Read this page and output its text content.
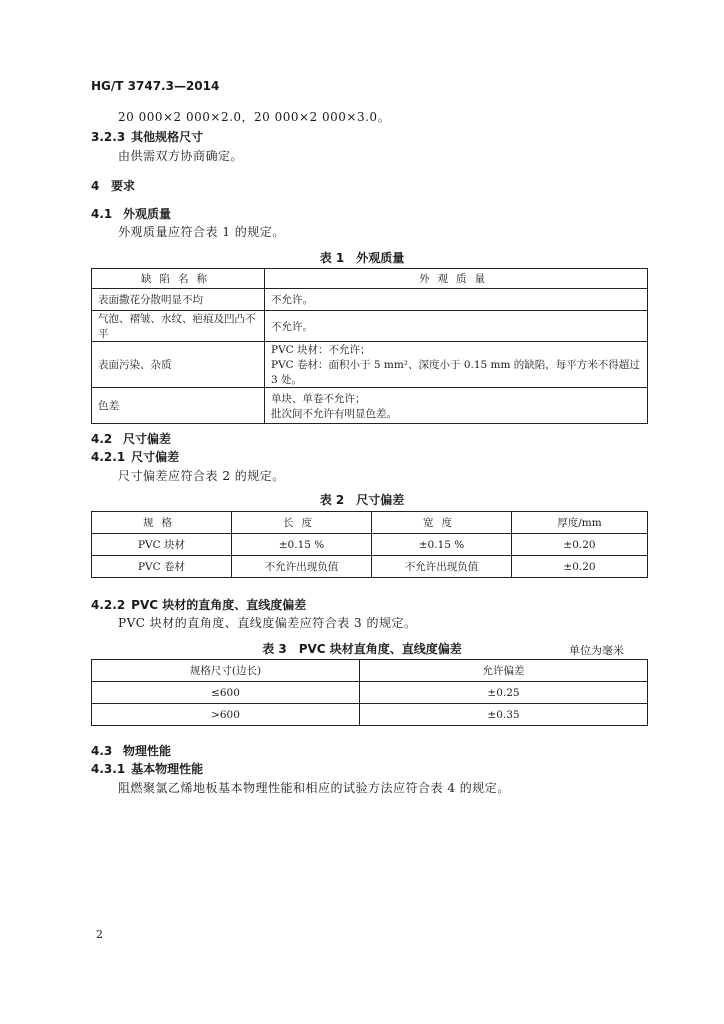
HG/T 3747.3—2014
20 000×2 000×2.0，20 000×2 000×3.0。
3.2.3 其他规格尺寸
由供需双方协商确定。
4 要求
4.1 外观质量
外观质量应符合表 1 的规定。
表 1　外观质量
缺陷名称	外观质量
表面撒花分散明显不均	不允许。
气泡、褶皱、水纹、疤痕及凹凸不平	不允许。
表面污染、杂质	PVC 块材：不允许；
PVC 卷材：面积小于 5 mm²、深度小于 0.15 mm 的缺陷，每平方米不得超过 3 处。

色差	单块、单卷不允许；
批次间不允许有明显色差。
4.2 尺寸偏差
4.2.1 尺寸偏差
尺寸偏差应符合表 2 的规定。
表 2　尺寸偏差
规格	长度	宽度	厚度/mm
PVC 块材	±0.15 %	±0.15 %	±0.20
PVC 卷材	不允许出现负值	不允许出现负值	±0.20
4.2.2 PVC 块材的直角度、直线度偏差
PVC 块材的直角度、直线度偏差应符合表 3 的规定。
表 3　PVC 块材直角度、直线度偏差	单位为毫米
规格尺寸(边长)	允许偏差
≤600	±0.25
>600	±0.35
4.3 物理性能
4.3.1 基本物理性能
阻燃聚氯乙烯地板基本物理性能和相应的试验方法应符合表 4 的规定。
2
